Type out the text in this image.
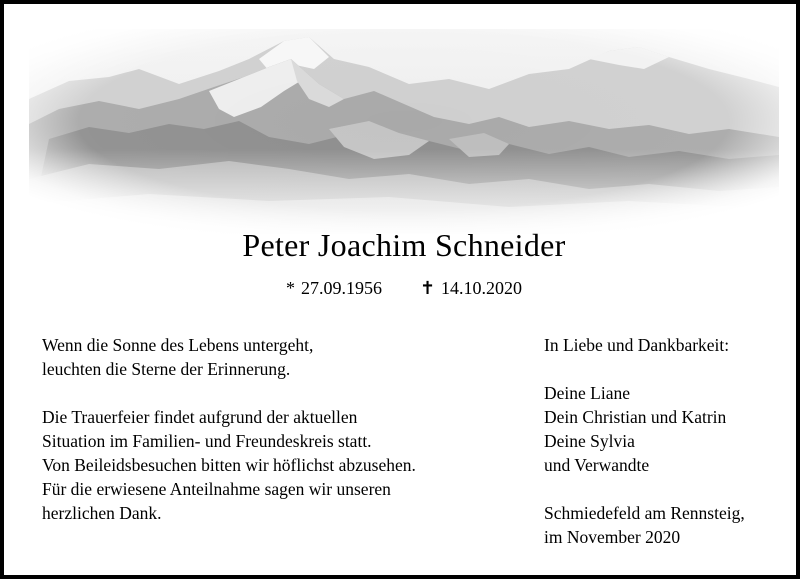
Peter Joachim Schneider
* 27.09.1956 ✝ 14.10.2020
Wenn die Sonne des Lebens untergeht,
leuchten die Sterne der Erinnerung.
Die Trauerfeier findet aufgrund der aktuellen
Situation im Familien- und Freundeskreis statt.
Von Beileidsbesuchen bitten wir höflichst abzusehen.
Für die erwiesene Anteilnahme sagen wir unseren
herzlichen Dank.
In Liebe und Dankbarkeit:
Deine Liane
Dein Christian und Katrin
Deine Sylvia
und Verwandte
Schmiedefeld am Rennsteig,
im November 2020
